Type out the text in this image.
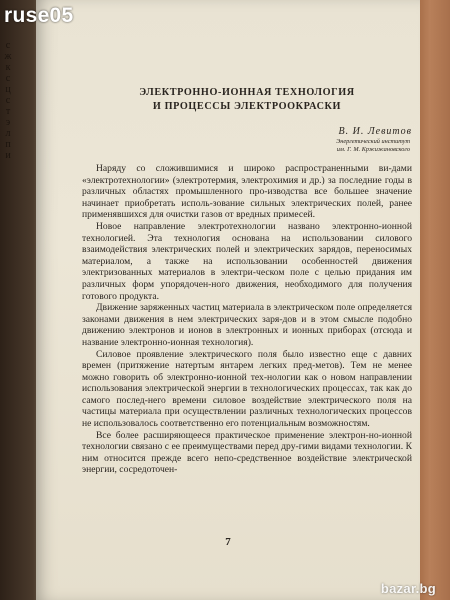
с
ж
к
с
ц
с
т
э
л
п
и
ЭЛЕКТРОННО-ИОННАЯ ТЕХНОЛОГИЯ
И ПРОЦЕССЫ ЭЛЕКТРООКРАСКИ
В. И. Левитов
Энергетический институт
им. Г. М. Кржижановского

Наряду со сложившимися и широко распространенными ви-дами «электротехнологии» (электротермия, электрохимия и др.) за последние годы в различных областях промышленного про-изводства все большее значение начинает приобретать исполь-зование сильных электрических полей, ранее применявшихся для очистки газов от вредных примесей.

Новое направление электротехнологии названо электронно-ионной технологией. Эта технология основана на использовании силового взаимодействия электрических полей и электрических зарядов, переносимых материалом, а также на использовании особенностей движения электризованных материалов в электри-ческом поле с целью придания им различных форм упорядочен-ного движения, необходимого для получения готового продукта.

Движение заряженных частиц материала в электрическом поле определяется законами движения в нем электрических заря-дов и в этом смысле подобно движению электронов и ионов в электронных и ионных приборах (отсюда и название электронно-ионная технология).

Силовое проявление электрического поля было известно еще с давних времен (притяжение натертым янтарем легких пред-метов). Тем не менее можно говорить об электронно-ионной тех-нологии как о новом направлении использования электрической энергии в технологических процессах, так как до самого послед-него времени силовое воздействие электрического поля на частицы материала при осуществлении различных технологических процессов не использовалось соответственно его потенциальным возможностям.

Все более расширяющееся практическое применение электрон-но-ионной технологии связано с ее преимуществами перед дру-гими видами технологии. К ним относится прежде всего непо-средственное воздействие электрической энергии, сосредоточен-

7
ruse05
bazar.bg
